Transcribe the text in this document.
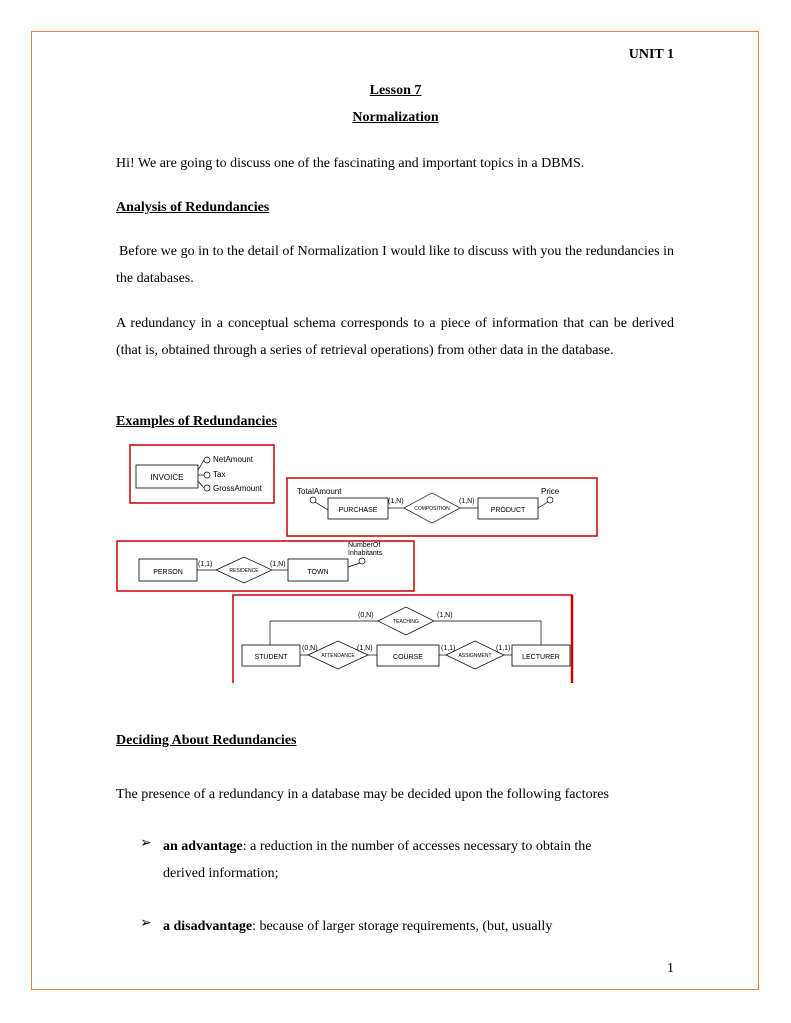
UNIT 1
Lesson 7
Normalization
Hi! We are going to discuss one of the fascinating and important topics in a DBMS.
Analysis of Redundancies
Before we go in to the detail of Normalization I would like to discuss with you the redundancies in the databases.
A redundancy in a conceptual schema corresponds to a piece of information that can be derived (that is, obtained through a series of retrieval operations) from other data in the database.
Examples of Redundancies
INVOICE
NetAmount
Tax
GrossAmount	TotalAmount
PURCHASE
(1,N)
COMPOSITION
(1,N)
PRODUCT
Price
PERSON
(1,1)
RESIDENCE
(1,N)
TOWN
NumberOf
Inhabitants
TEACHING
(0,N)	(1,N)
STUDENT
(0,N)
ATTENDANCE
(1,N)
COURSE
(1,1)
ASSIGNMENT
(1,1)
LECTURER
Deciding About Redundancies
The presence of a redundancy in a database may be decided upon the following factores
➢ an advantage: a reduction in the number of accesses necessary to obtain the derived information;
➢ a disadvantage: because of larger storage requirements, (but, usually
1
